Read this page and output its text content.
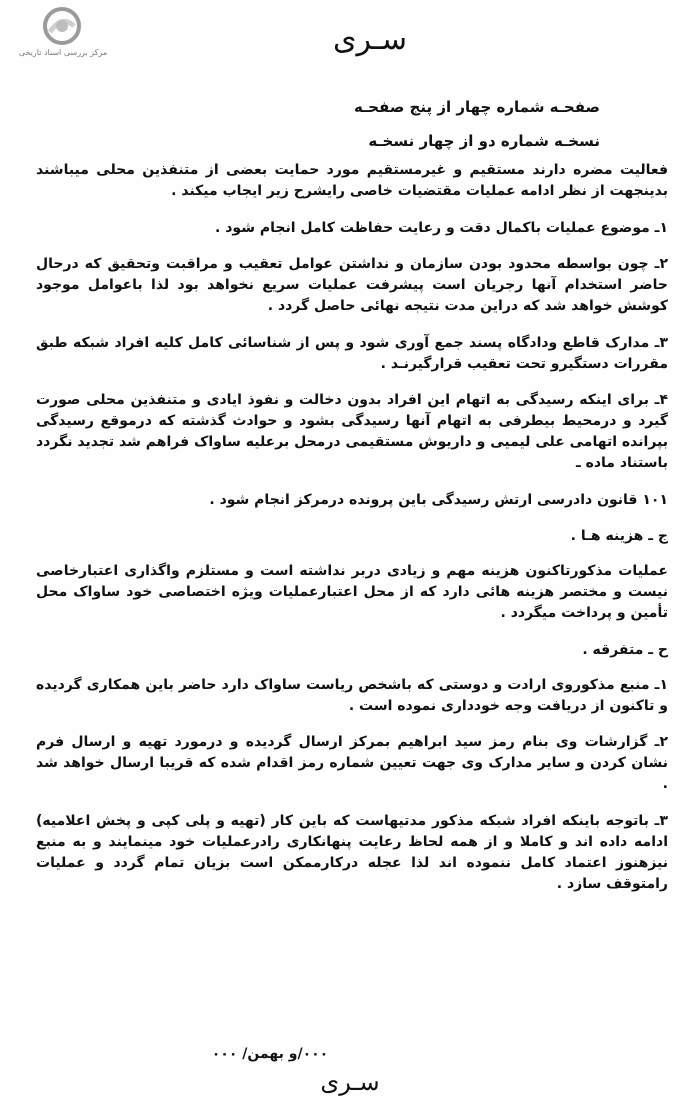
مرکز بررسی اسناد تاریخی	سـری
صفحـه شماره چهار از پنج صفحـه
نسخـه شماره دو از چهار نسخـه

فعالیت مضره دارند مستقیم و غیرمستقیم مورد حمایت بعضی از متنفذین محلی میباشند بدینجهت از نظر ادامه عملیات مقتضیات خاصی رایشرح زیر ایجاب میکند .

۱ـ موضوع عملیات باکمال دقت و رعایت حفاظت کامل انجام شود .

۲ـ چون بواسطه محدود بودن سازمان و نداشتن عوامل تعقیب و مراقبت وتحقیق که درحال حاضر استخدام آنها رجریان است پیشرفت عملیات سریع نخواهد بود لذا باعوامل موجود کوشش خواهد شد که دراین مدت نتیجه نهائی حاصل گردد .

۳ـ مدارک قاطع ودادگاه پسند جمع آوری شود و پس از شناسائی کامل کلیه افراد شبکه طبق مقررات دستگیرو تحت تعقیب قرارگیرنـد .

۴ـ برای اینکه رسیدگی به اتهام این افراد بدون دخالت و نفوذ ایادی و متنفذین محلی صورت گیرد و درمحیط بیطرفی به اتهام آنها رسیدگی بشود و حوادث گذشته که درموقع رسیدگی بپرانده اتهامی علی لیمیی و داریوش مستقیمی درمحل برعلیه ساواک فراهم شد تجدید نگردد باستناد ماده ـ

۱۰۱ قانون دادرسی ارتش رسیدگی باین پرونده درمرکز انجام شود .

ج ـ هزینه هـا .

عملیات مذکورتاکنون هزینه مهم و زیادی دربر نداشته است و مستلزم واگذاری اعتبارخاصی نیست و مختصر هزینه هائی دارد که از محل اعتبارعملیات ویژه اختصاصی خود ساواک محل تأمین و پرداخت میگردد .

ح ـ متفرقه .

۱ـ منبع مذکوروی ارادت و دوستی که باشخص ریاست ساواک دارد حاضر باین همکاری گردیده و تاکنون از دریافت وجه خودداری نموده است .

۲ـ گزارشات وی بنام رمز سید ابراهیم بمرکز ارسال گردیده و درمورد تهیه و ارسال فرم نشان کردن و سایر مدارک وی جهت تعیین شماره رمز اقدام شده که قریبا ارسال خواهد شد .

۳ـ باتوجه باینکه افراد شبکه مذکور مدتیهاست که باین کار (تهیه و پلی کپی و پخش اعلامیه) ادامه داده اند و کاملا و از همه لحاظ رعایت پنهانکاری رادرعملیات خود مینمایند و به منبع نیزهنوز اعتماد کامل ننموده اند لذا عجله درکارممکن است بزیان تمام گردد و عملیات رامتوقف سازد .

۰۰۰/و بهمن/ ۰۰۰
سـری
